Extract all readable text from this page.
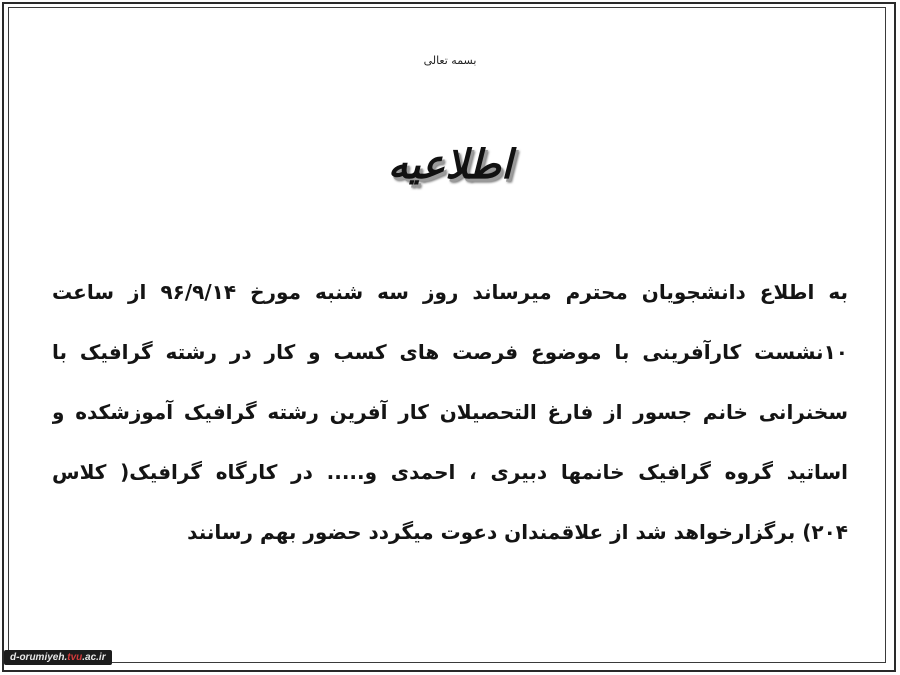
بسمه تعالی
اطلاعیه
به اطلاع دانشجویان محترم میرساند روز سه شنبه مورخ ۹۶/۹/۱۴ از ساعت
۱۰نشست کارآفرینی با موضوع فرصت های کسب و کار در رشته گرافیک با
سخنرانی خانم جسور از فارغ التحصیلان کار آفرین رشته گرافیک آموزشکده و
اساتید گروه گرافیک خانمها دبیری ، احمدی و..... در کارگاه گرافیک( کلاس
۲۰۴) برگزارخواهد شد از علاقمندان دعوت میگردد حضور بهم رسانند
d-orumiyeh.tvu.ac.ir
